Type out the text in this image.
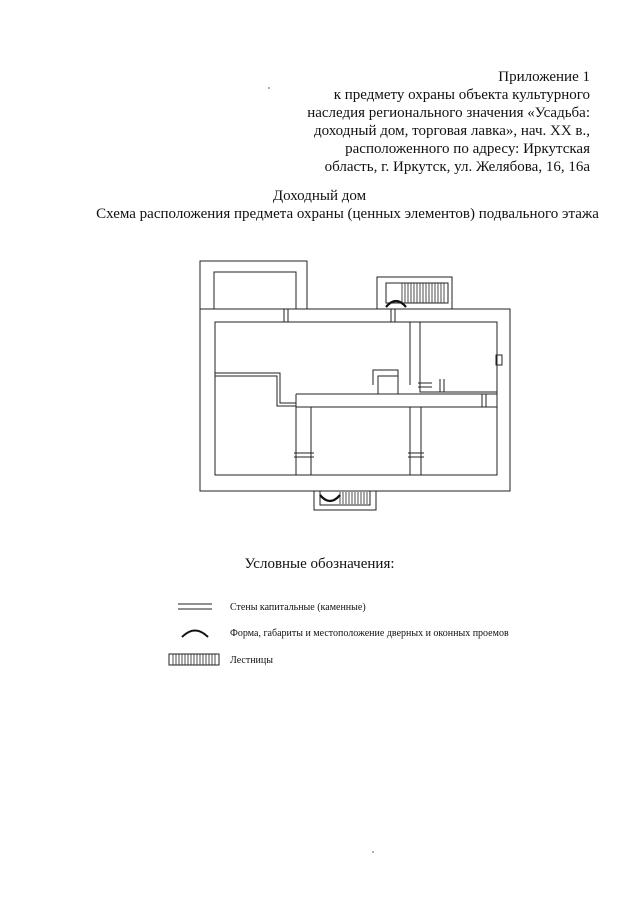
Приложение 1
к предмету охраны объекта культурного
наследия регионального значения «Усадьба:
доходный дом, торговая лавка», нач. XX в.,
расположенного по адресу: Иркутская
область, г. Иркутск, ул. Желябова, 16, 16а
Доходный дом
Схема расположения предмета охраны (ценных элементов) подвального этажа
Условные обозначения:
Стены капитальные (каменные)
Форма, габариты и местоположение дверных и оконных проемов
Лестницы
